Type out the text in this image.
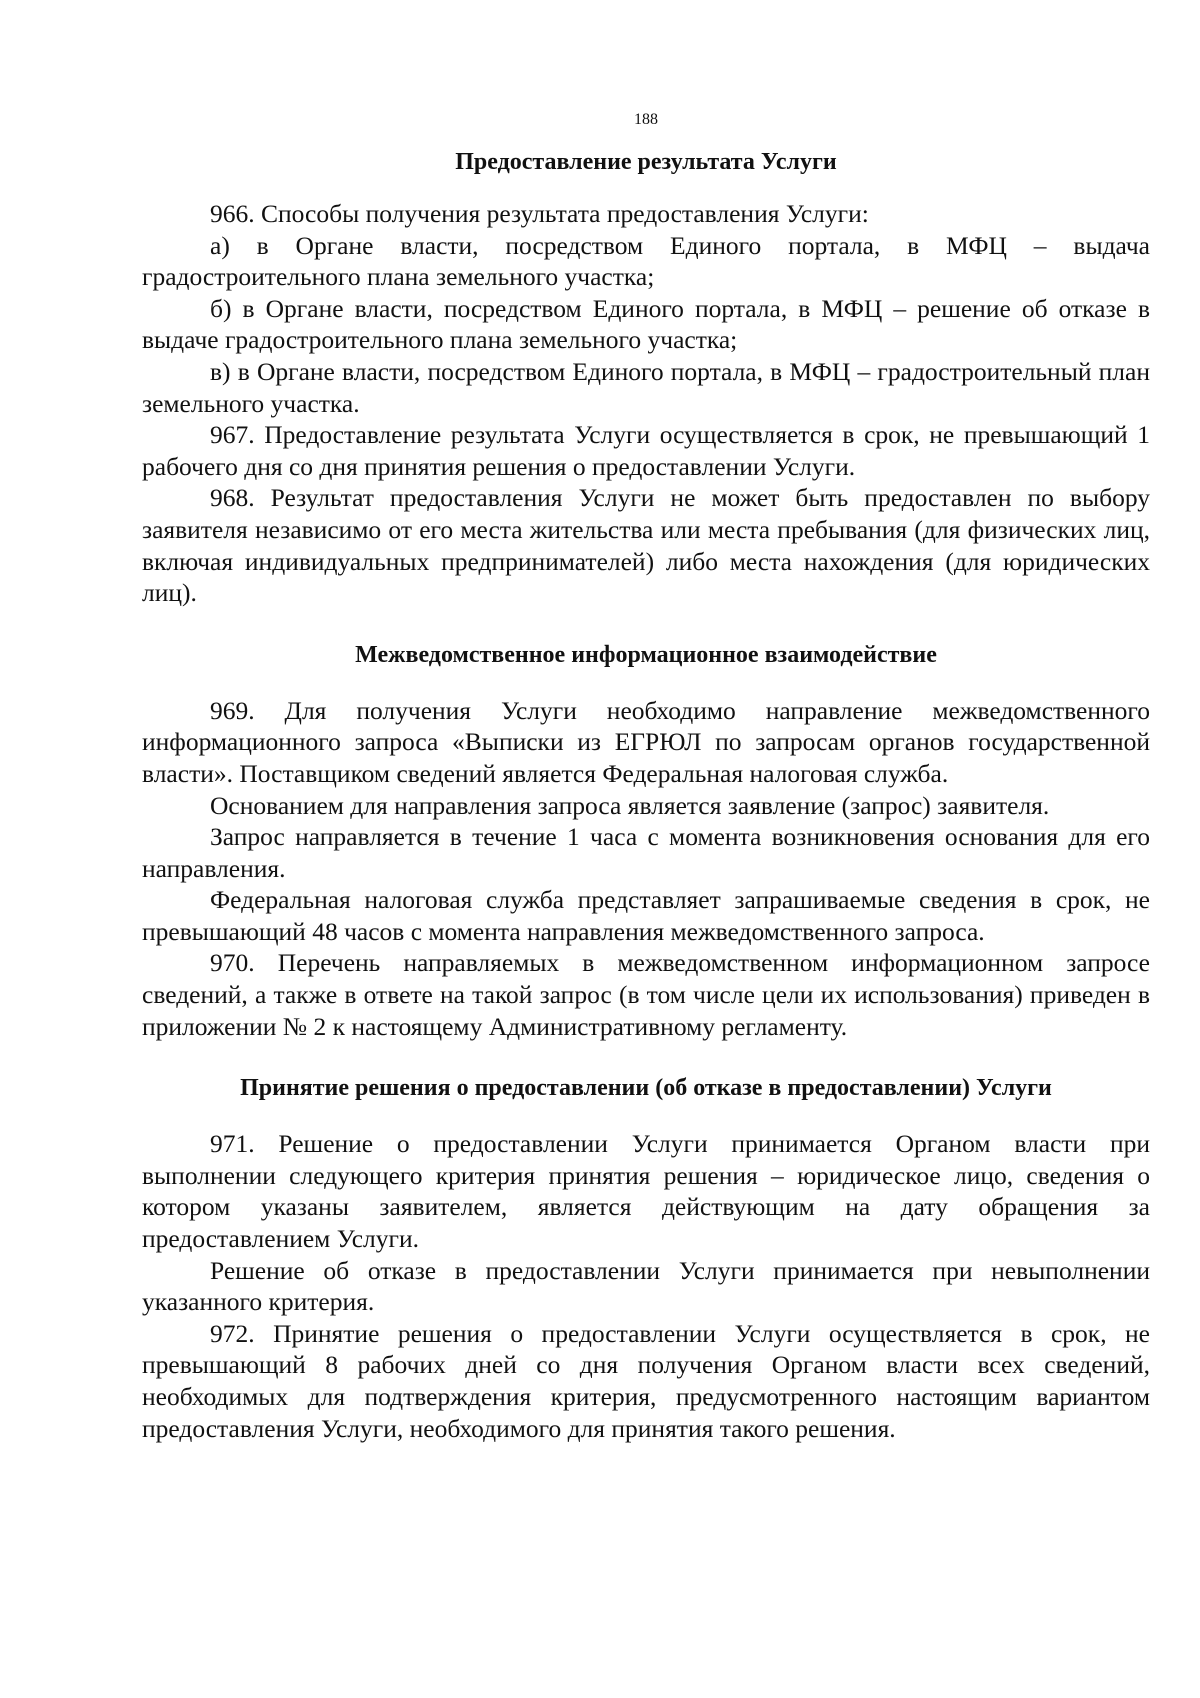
188
Предоставление результата Услуги

966. Способы получения результата предоставления Услуги:

а) в Органе власти, посредством Единого портала, в МФЦ – выдача градостроительного плана земельного участка;

б) в Органе власти, посредством Единого портала, в МФЦ – решение об отказе в выдаче градостроительного плана земельного участка;

в) в Органе власти, посредством Единого портала, в МФЦ – градостроительный план земельного участка.

967. Предоставление результата Услуги осуществляется в срок, не превышающий 1 рабочего дня со дня принятия решения о предоставлении Услуги.

968. Результат предоставления Услуги не может быть предоставлен по выбору заявителя независимо от его места жительства или места пребывания (для физических лиц, включая индивидуальных предпринимателей) либо места нахождения (для юридических лиц).

Межведомственное информационное взаимодействие

969. Для получения Услуги необходимо направление межведомственного информационного запроса «Выписки из ЕГРЮЛ по запросам органов государственной власти». Поставщиком сведений является Федеральная налоговая служба.

Основанием для направления запроса является заявление (запрос) заявителя.

Запрос направляется в течение 1 часа с момента возникновения основания для его направления.

Федеральная налоговая служба представляет запрашиваемые сведения в срок, не превышающий 48 часов с момента направления межведомственного запроса.

970. Перечень направляемых в межведомственном информационном запросе сведений, а также в ответе на такой запрос (в том числе цели их использования) приведен в приложении № 2 к настоящему Административному регламенту.

Принятие решения о предоставлении (об отказе в предоставлении) Услуги

971. Решение о предоставлении Услуги принимается Органом власти при выполнении следующего критерия принятия решения – юридическое лицо, сведения о котором указаны заявителем, является действующим на дату обращения за предоставлением Услуги.

Решение об отказе в предоставлении Услуги принимается при невыполнении указанного критерия.

972. Принятие решения о предоставлении Услуги осуществляется в срок, не превышающий 8 рабочих дней со дня получения Органом власти всех сведений, необходимых для подтверждения критерия, предусмотренного настоящим вариантом предоставления Услуги, необходимого для принятия такого решения.
